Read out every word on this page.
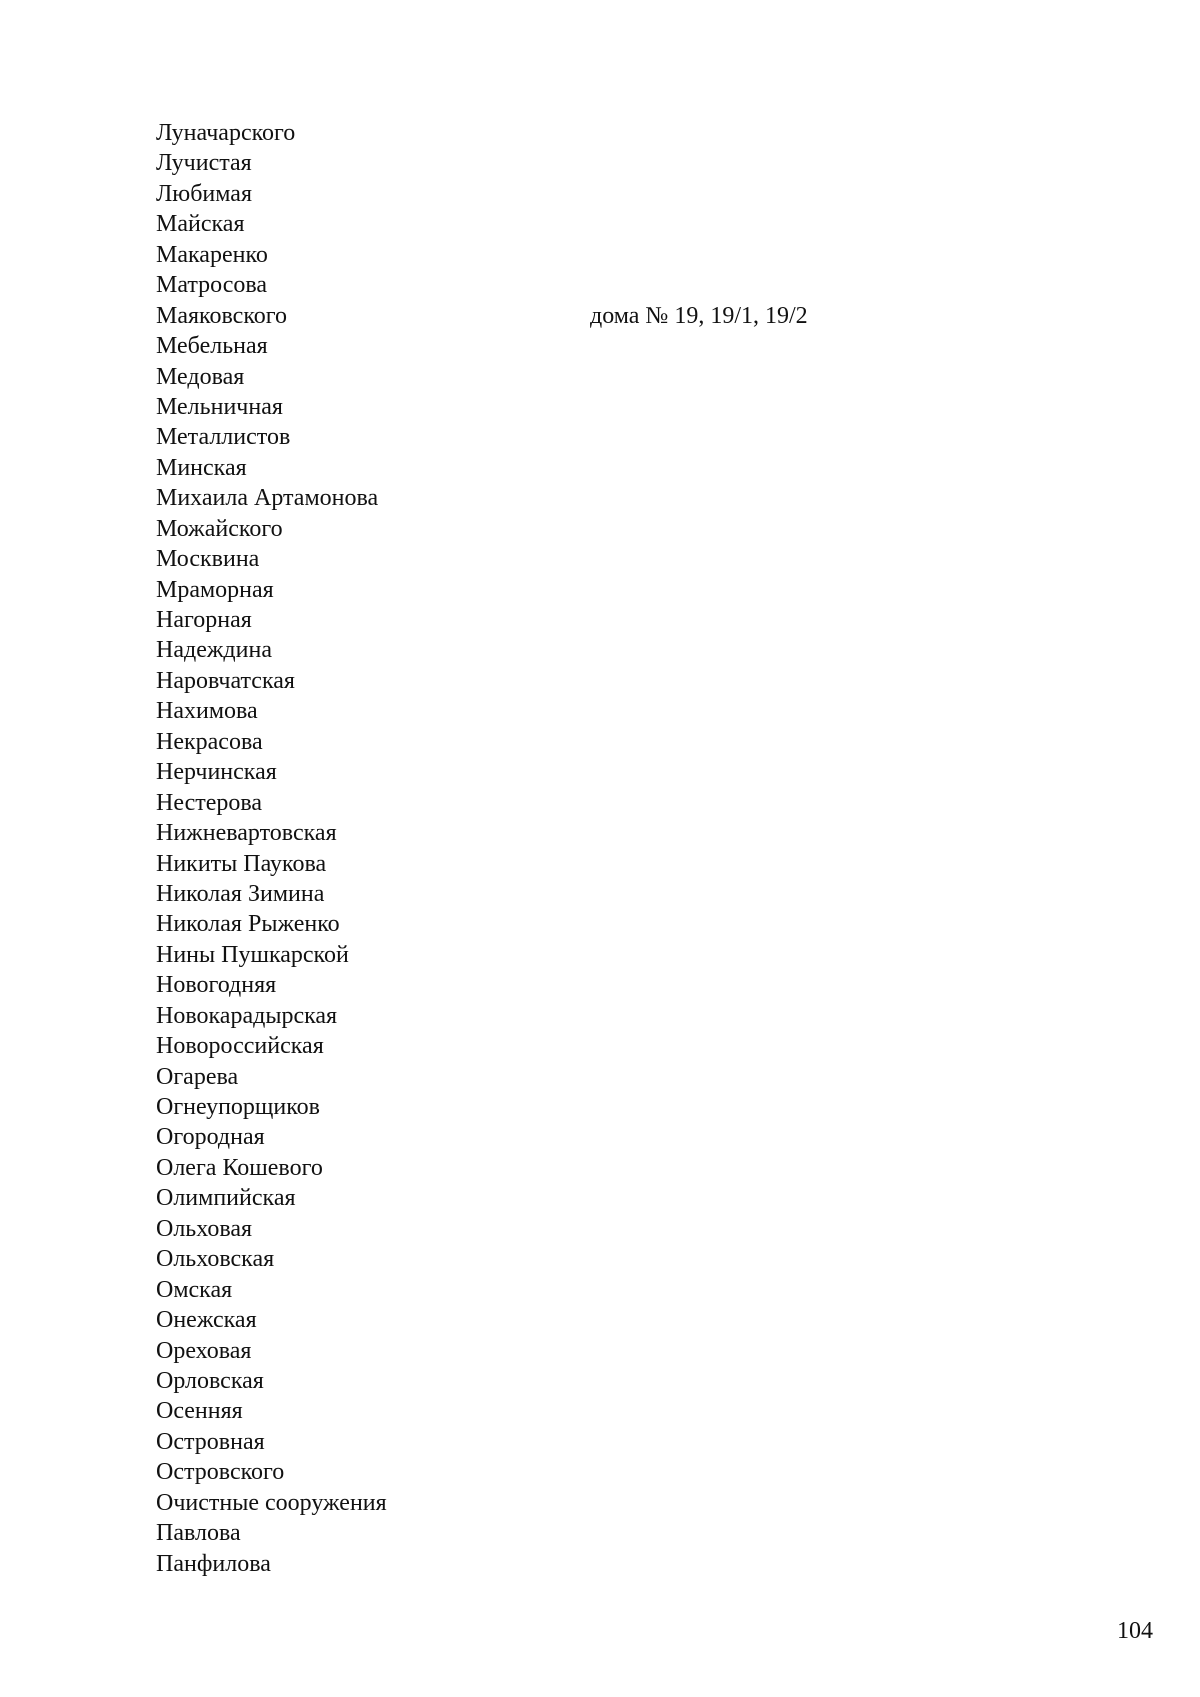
Луначарского
Лучистая
Любимая
Майская
Макаренко
Матросова
Маяковского	дома № 19, 19/1, 19/2
Мебельная
Медовая
Мельничная
Металлистов
Минская
Михаила Артамонова
Можайского
Москвина
Мраморная
Нагорная
Надеждина
Наровчатская
Нахимова
Некрасова
Нерчинская
Нестерова
Нижневартовская
Никиты Паукова
Николая Зимина
Николая Рыженко
Нины Пушкарской
Новогодняя
Новокарадырская
Новороссийская
Огарева
Огнеупорщиков
Огородная
Олега Кошевого
Олимпийская
Ольховая
Ольховская
Омская
Онежская
Ореховая
Орловская
Осенняя
Островная
Островского
Очистные сооружения
Павлова
Панфилова
104
